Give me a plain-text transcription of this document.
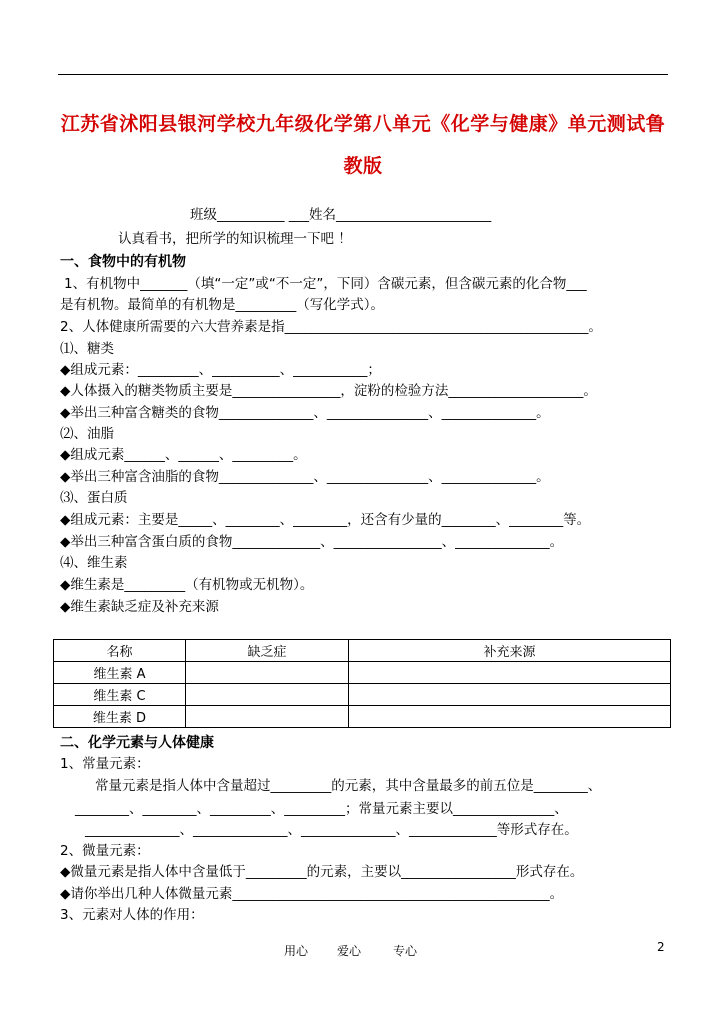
江苏省沭阳县银河学校九年级化学第八单元《化学与健康》单元测试鲁
教版
班级__________ ___姓名_______________________
认真看书，把所学的知识梳理一下吧 ！
一、食物中的有机物
1、有机物中_______（填“一定”或“不一定”，下同）含碳元素，但含碳元素的化合物___
是有机物。最简单的有机物是_________（写化学式）。
2、人体健康所需要的六大营养素是指_____________________________________________。
⑴、糖类
◆组成元素：_________、__________、___________；
◆人体摄入的糖类物质主要是________________，淀粉的检验方法____________________。
◆举出三种富含糖类的食物______________、_______________、______________。
⑵、油脂
◆组成元素______、______、_________。
◆举出三种富含油脂的食物______________、_______________、______________。
⑶、蛋白质
◆组成元素：主要是_____、________、________，还含有少量的________、________等。
◆举出三种富含蛋白质的食物_____________、________________、______________。
⑷、维生素
◆维生素是_________（有机物或无机物）。
◆维生素缺乏症及补充来源
名称	缺乏症	补充来源
维生素 A		
维生素 C		
维生素 D		
二、化学元素与人体健康
1、常量元素：
常量元素是指人体中含量超过_________的元素，其中含量最多的前五位是________、
________、________、_________、_________；常量元素主要以_______________、
______________、______________、______________、_____________等形式存在。
2、微量元素：
◆微量元素是指人体中含量低于_________的元素，主要以_________________形式存在。
◆请你举出几种人体微量元素_______________________________________________。
3、元素对人体的作用：
用心 爱心	专心	2
